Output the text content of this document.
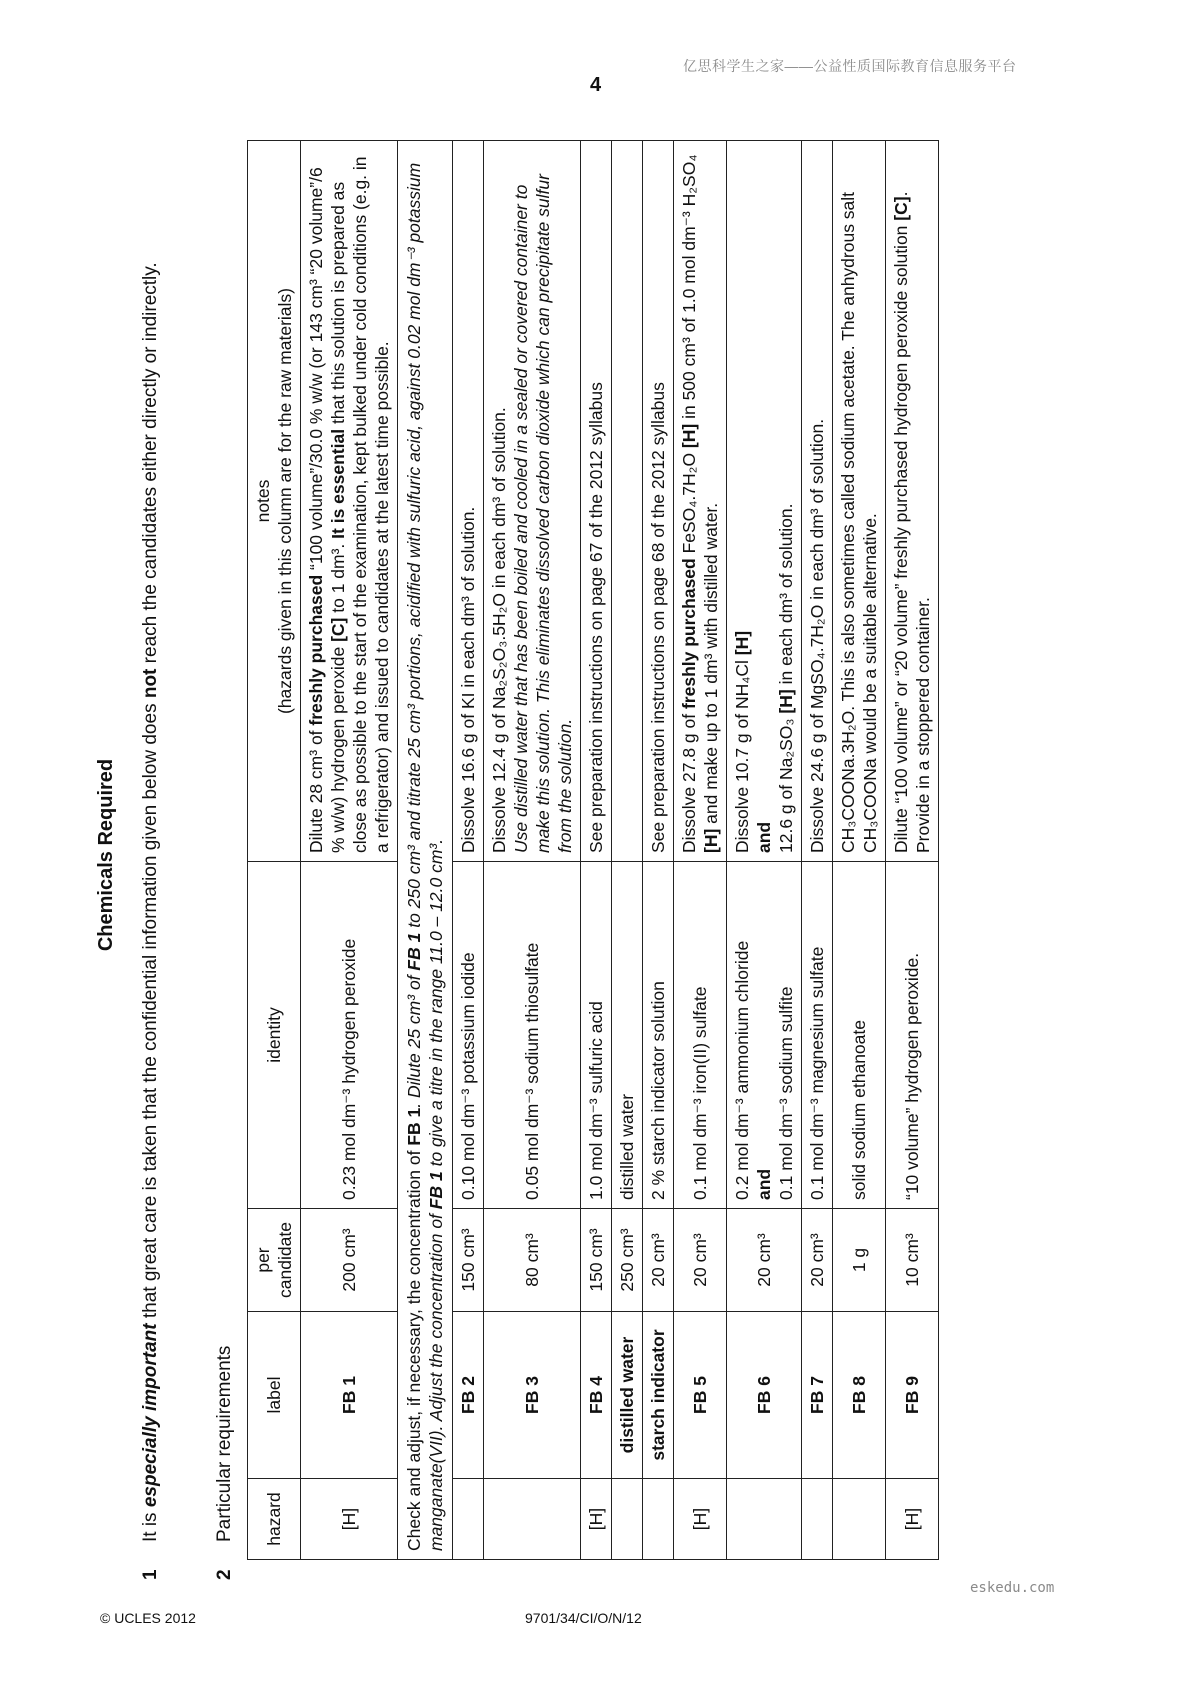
亿思科学生之家——公益性质国际教育信息服务平台
4
Chemicals Required
1
It is especially important that great care is taken that the confidential information given below does not reach the candidates either directly or indirectly.
2
Particular requirements hazard	label	per candidate	identity	notes (hazards given in this column are for the raw materials)
[H]	FB 1	200 cm³	0.23 mol dm⁻³ hydrogen peroxide	Dilute 28 cm³ of freshly purchased “100 volume”/30.0 % w/w (or 143 cm³ “20 volume”/6 % w/w) hydrogen peroxide [C] to 1 dm³. It is essential that this solution is prepared as close as possible to the start of the examination, kept bulked under cold conditions (e.g. in a refrigerator) and issued to candidates at the latest time possible.
Check and adjust, if necessary, the concentration of FB 1. Dilute 25 cm³ of FB 1 to 250 cm³ and titrate 25 cm³ portions, acidified with sulfuric acid, against 0.02 mol dm⁻³ potassium manganate(VII). Adjust the concentration of FB 1 to give a titre in the range 11.0 – 12.0 cm³.				
	FB 2	150 cm³	0.10 mol dm⁻³ potassium iodide	Dissolve 16.6 g of KI in each dm³ of solution.
	FB 3	80 cm³	0.05 mol dm⁻³ sodium thiosulfate	Dissolve 12.4 g of Na₂S₂O₃.5H₂O in each dm³ of solution. Use distilled water that has been boiled and cooled in a sealed or covered container to make this solution. This eliminates dissolved carbon dioxide which can precipitate sulfur from the solution.
[H]	FB 4	150 cm³	1.0 mol dm⁻³ sulfuric acid	See preparation instructions on page 67 of the 2012 syllabus
	distilled water	250 cm³	distilled water	
	starch indicator	20 cm³	2 % starch indicator solution	See preparation instructions on page 68 of the 2012 syllabus
[H]	FB 5	20 cm³	0.1 mol dm⁻³ iron(II) sulfate	Dissolve 27.8 g of freshly purchased FeSO₄.7H₂O [H] in 500 cm³ of 1.0 mol dm⁻³ H₂SO₄ [H] and make up to 1 dm³ with distilled water.
	FB 6	20 cm³	0.2 mol dm⁻³ ammonium chloride and 0.1 mol dm⁻³ sodium sulfite	Dissolve 10.7 g of NH₄Cl [H]
and 12.6 g of Na₂SO₃ [H] in each dm³ of solution.
	FB 7	20 cm³	0.1 mol dm⁻³ magnesium sulfate	Dissolve 24.6 g of MgSO₄.7H₂O in each dm³ of solution.
	FB 8	1 g	solid sodium ethanoate	CH₃COONa.3H₂O. This is also sometimes called sodium acetate. The anhydrous salt CH₃COONa would be a suitable alternative.
[H]	FB 9	10 cm³	“10 volume” hydrogen peroxide.	Dilute “100 volume” or “20 volume” freshly purchased hydrogen peroxide solution [C]. Provide in a stoppered container.
eskedu.com
© UCLES 2012	9701/34/CI/O/N/12
